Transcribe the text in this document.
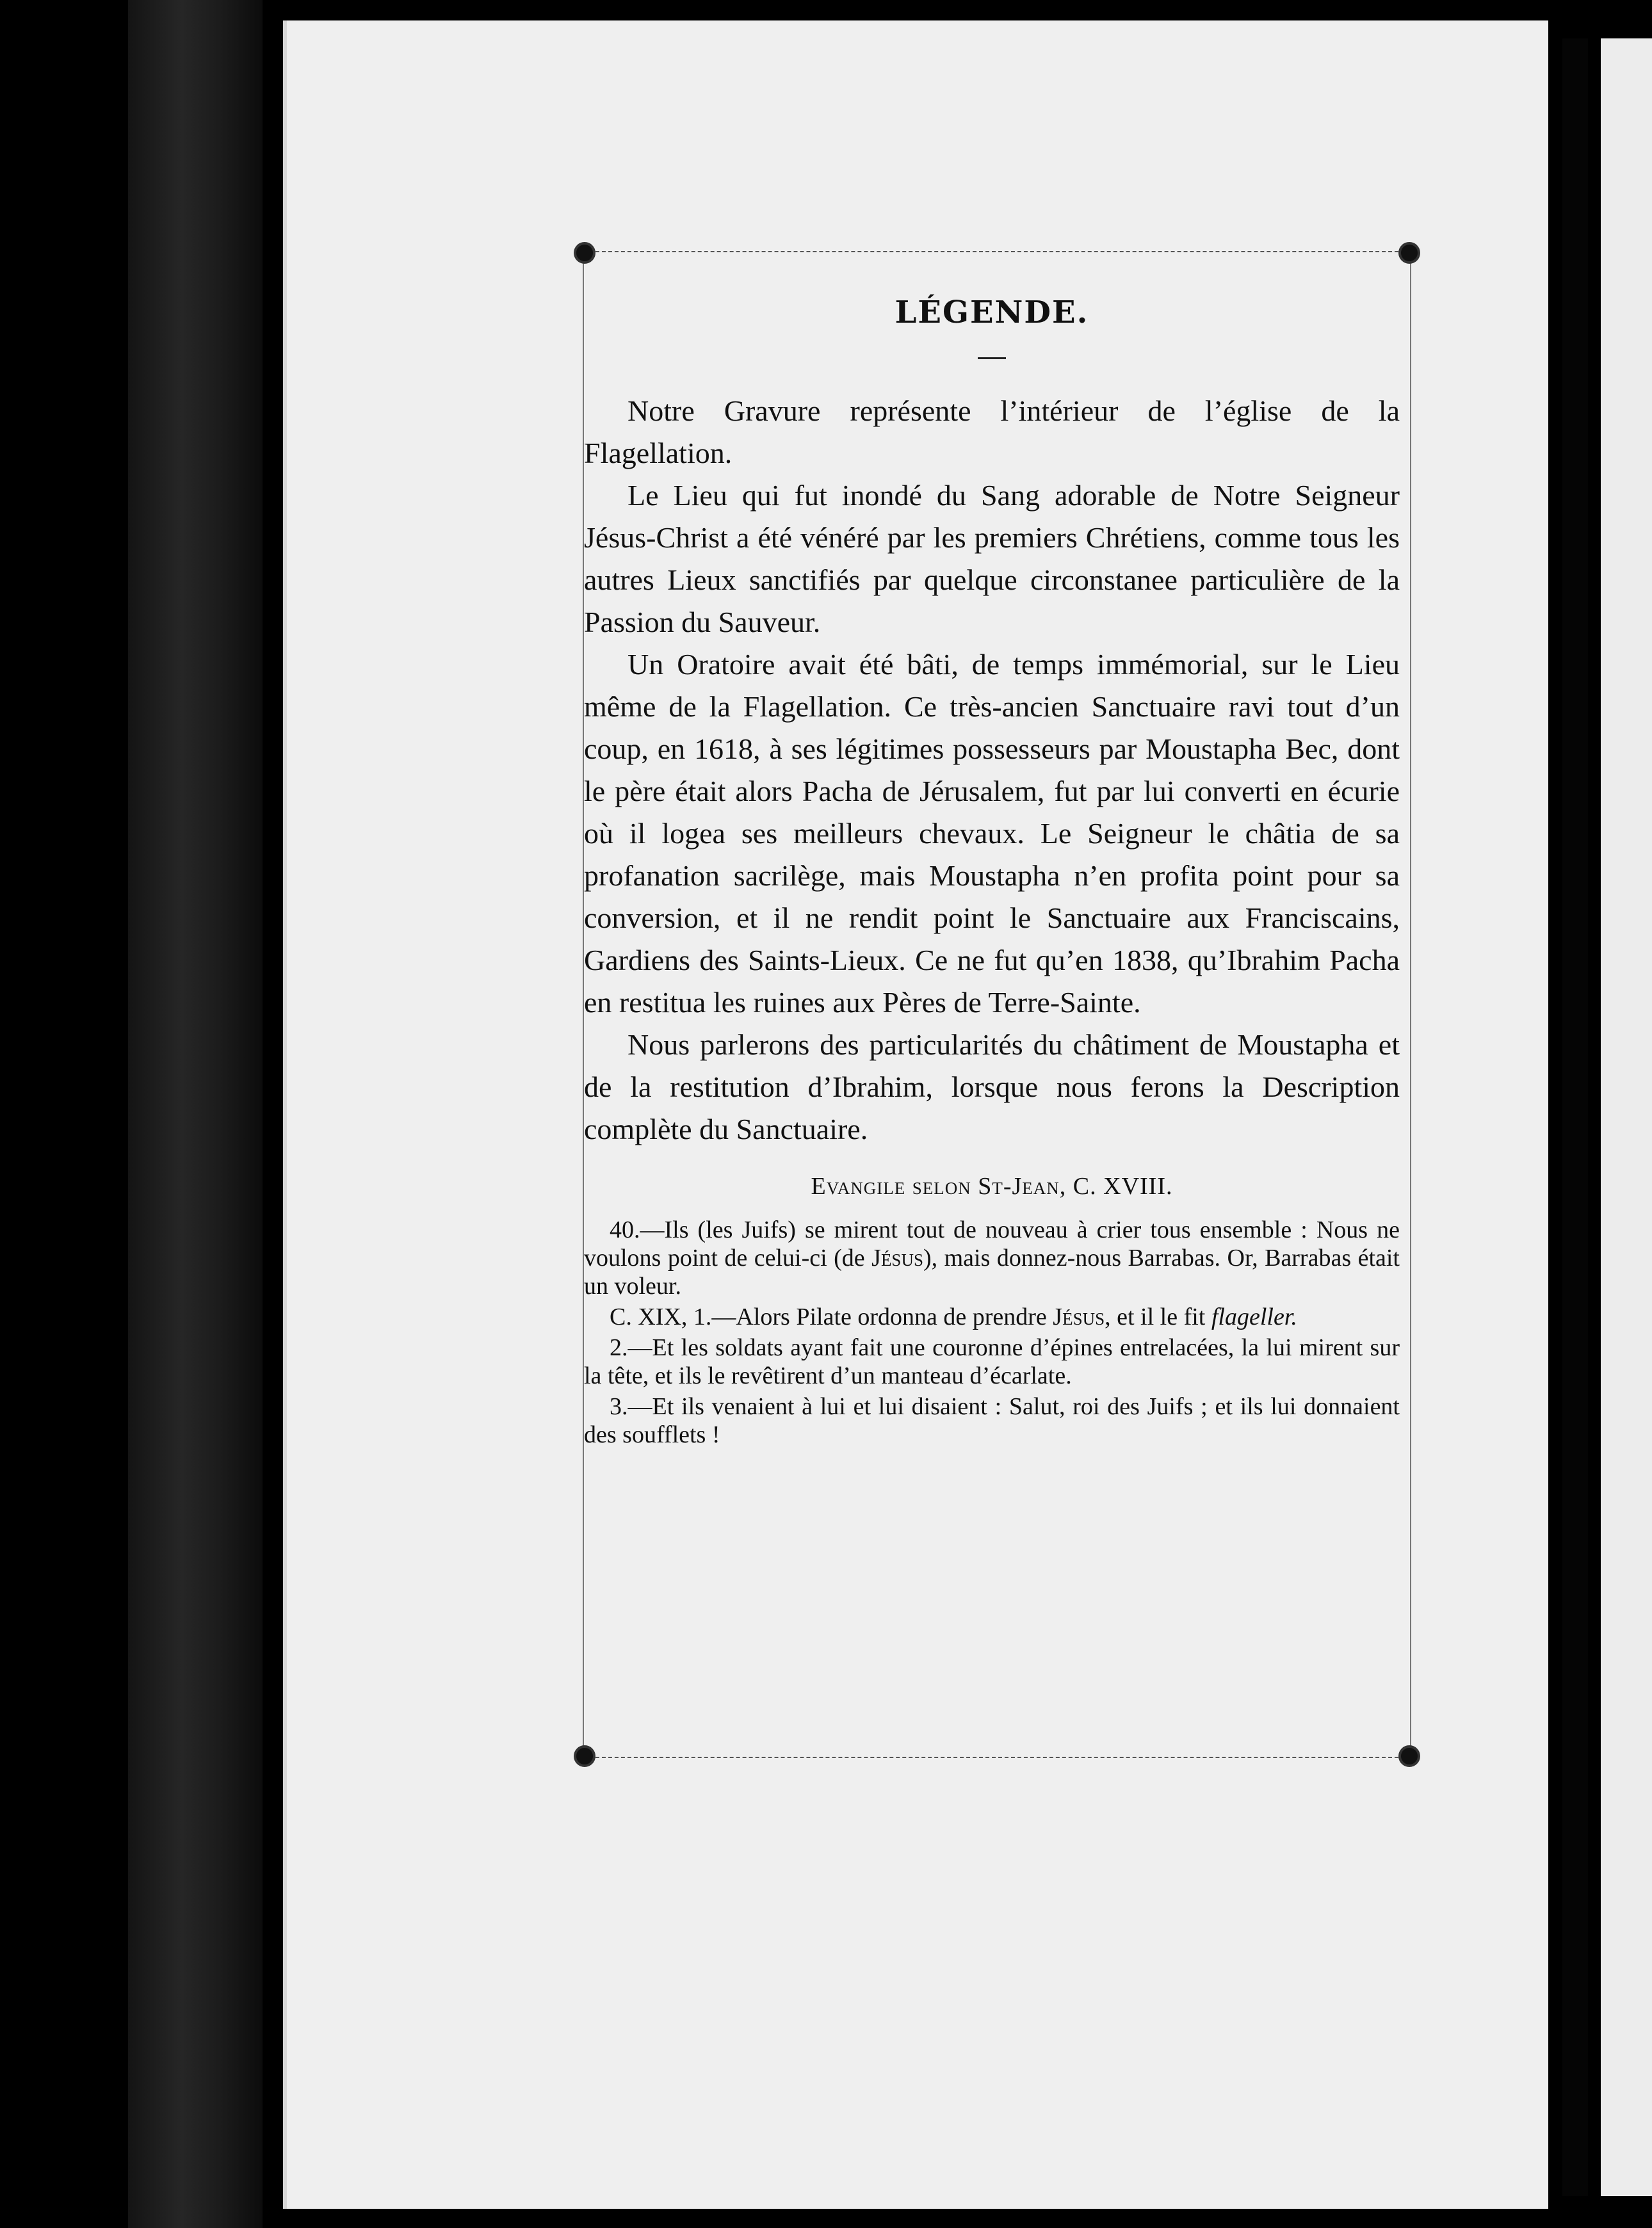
LÉGENDE.

Notre Gravure représente l’intérieur de l’église de la Flagellation.

Le Lieu qui fut inondé du Sang adorable de Notre Seigneur Jésus-Christ a été vénéré par les premiers Chrétiens, comme tous les autres Lieux sanctifiés par quelque circonstanee particulière de la Passion du Sauveur.

Un Oratoire avait été bâti, de temps immémorial, sur le Lieu même de la Flagellation. Ce très-ancien Sanctuaire ravi tout d’un coup, en 1618, à ses légitimes possesseurs par Moustapha Bec, dont le père était alors Pacha de Jérusalem, fut par lui converti en écurie où il logea ses meilleurs chevaux. Le Seigneur le châtia de sa profanation sacrilège, mais Moustapha n’en profita point pour sa conversion, et il ne rendit point le Sanctuaire aux Franciscains, Gardiens des Saints-Lieux. Ce ne fut qu’en 1838, qu’Ibrahim Pacha en restitua les ruines aux Pères de Terre-Sainte.

Nous parlerons des particularités du châtiment de Moustapha et de la restitution d’Ibrahim, lorsque nous ferons la Description complète du Sanctuaire.

Evangile selon St-Jean, C. XVIII.

40.—Ils (les Juifs) se mirent tout de nouveau à crier tous ensemble : Nous ne voulons point de celui-ci (de Jésus), mais donnez-nous Barrabas. Or, Barrabas était un voleur.

C. XIX, 1.—Alors Pilate ordonna de prendre Jésus, et il le fit flageller.

2.—Et les soldats ayant fait une couronne d’épines entrelacées, la lui mirent sur la tête, et ils le revêtirent d’un manteau d’écarlate.

3.—Et ils venaient à lui et lui disaient : Salut, roi des Juifs ; et ils lui donnaient des soufflets !
